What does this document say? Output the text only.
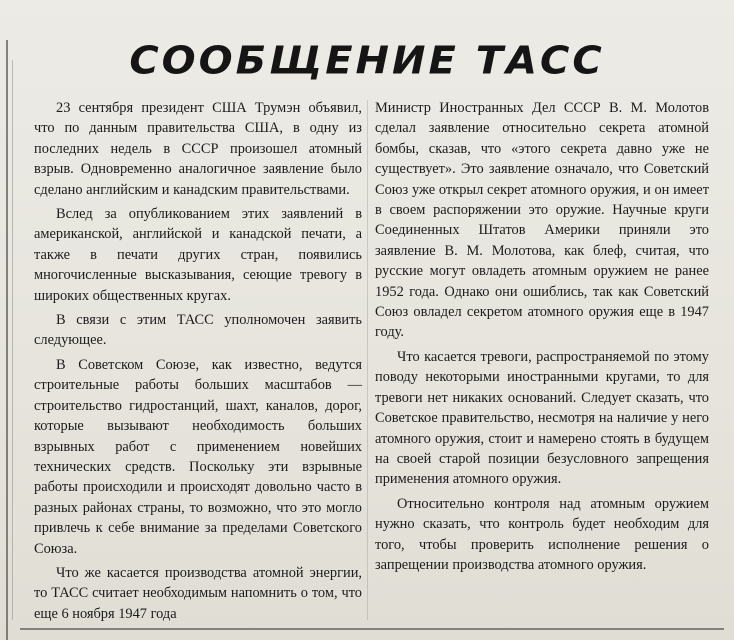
СООБЩЕНИЕ ТАСС

23 сентября президент США Трумэн объявил, что по данным правительства США, в одну из последних недель в СССР произошел атомный взрыв. Одновременно аналогичное заявление было сделано английским и канадским правительствами.

Вслед за опубликованием этих заявлений в американской, английской и канадской печати, а также в печати других стран, появились многочисленные высказывания, сеющие тревогу в широких общественных кругах.

В связи с этим ТАСС уполномочен заявить следующее.

В Советском Союзе, как известно, ведутся строительные работы больших масштабов — строительство гидростанций, шахт, каналов, дорог, которые вызывают необходимость больших взрывных работ с применением новейших технических средств. Поскольку эти взрывные работы происходили и происходят довольно часто в разных районах страны, то возможно, что это могло привлечь к себе внимание за пределами Советского Союза.

Что же касается производства атомной энергии, то ТАСС считает необходимым напомнить о том, что еще 6 ноября 1947 года

Министр Иностранных Дел СССР В. М. Молотов сделал заявление относительно секрета атомной бомбы, сказав, что «этого секрета давно уже не существует». Это заявление означало, что Советский Союз уже открыл секрет атомного оружия, и он имеет в своем распоряжении это оружие. Научные круги Соединенных Штатов Америки приняли это заявление В. М. Молотова, как блеф, считая, что русские могут овладеть атомным оружием не ранее 1952 года. Однако они ошиблись, так как Советский Союз овладел секретом атомного оружия еще в 1947 году.

Что касается тревоги, распространяемой по этому поводу некоторыми иностранными кругами, то для тревоги нет никаких оснований. Следует сказать, что Советское правительство, несмотря на наличие у него атомного оружия, стоит и намерено стоять в будущем на своей старой позиции безусловного запрещения применения атомного оружия.

Относительно контроля над атомным оружием нужно сказать, что контроль будет необходим для того, чтобы проверить исполнение решения о запрещении производства атомного оружия.
